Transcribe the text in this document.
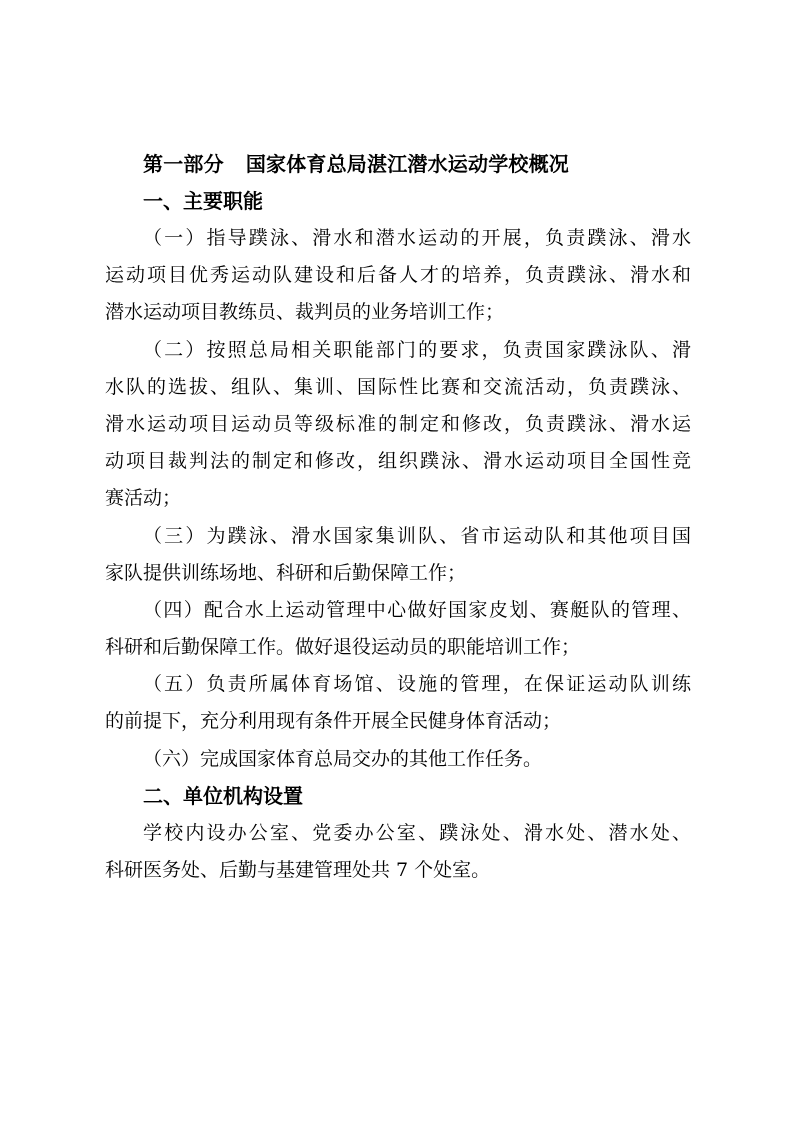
第一部分 国家体育总局湛江潜水运动学校概况
一、主要职能
（一）指导蹼泳、滑水和潜水运动的开展，负责蹼泳、滑水
运动项目优秀运动队建设和后备人才的培养，负责蹼泳、滑水和
潜水运动项目教练员、裁判员的业务培训工作；
（二）按照总局相关职能部门的要求，负责国家蹼泳队、滑
水队的选拔、组队、集训、国际性比赛和交流活动，负责蹼泳、
滑水运动项目运动员等级标准的制定和修改，负责蹼泳、滑水运
动项目裁判法的制定和修改，组织蹼泳、滑水运动项目全国性竞
赛活动；
（三）为蹼泳、滑水国家集训队、省市运动队和其他项目国
家队提供训练场地、科研和后勤保障工作；
（四）配合水上运动管理中心做好国家皮划、赛艇队的管理、
科研和后勤保障工作。做好退役运动员的职能培训工作；
（五）负责所属体育场馆、设施的管理，在保证运动队训练
的前提下，充分利用现有条件开展全民健身体育活动；
（六）完成国家体育总局交办的其他工作任务。
二、单位机构设置
学校内设办公室、党委办公室、蹼泳处、滑水处、潜水处、
科研医务处、后勤与基建管理处共 7 个处室。
